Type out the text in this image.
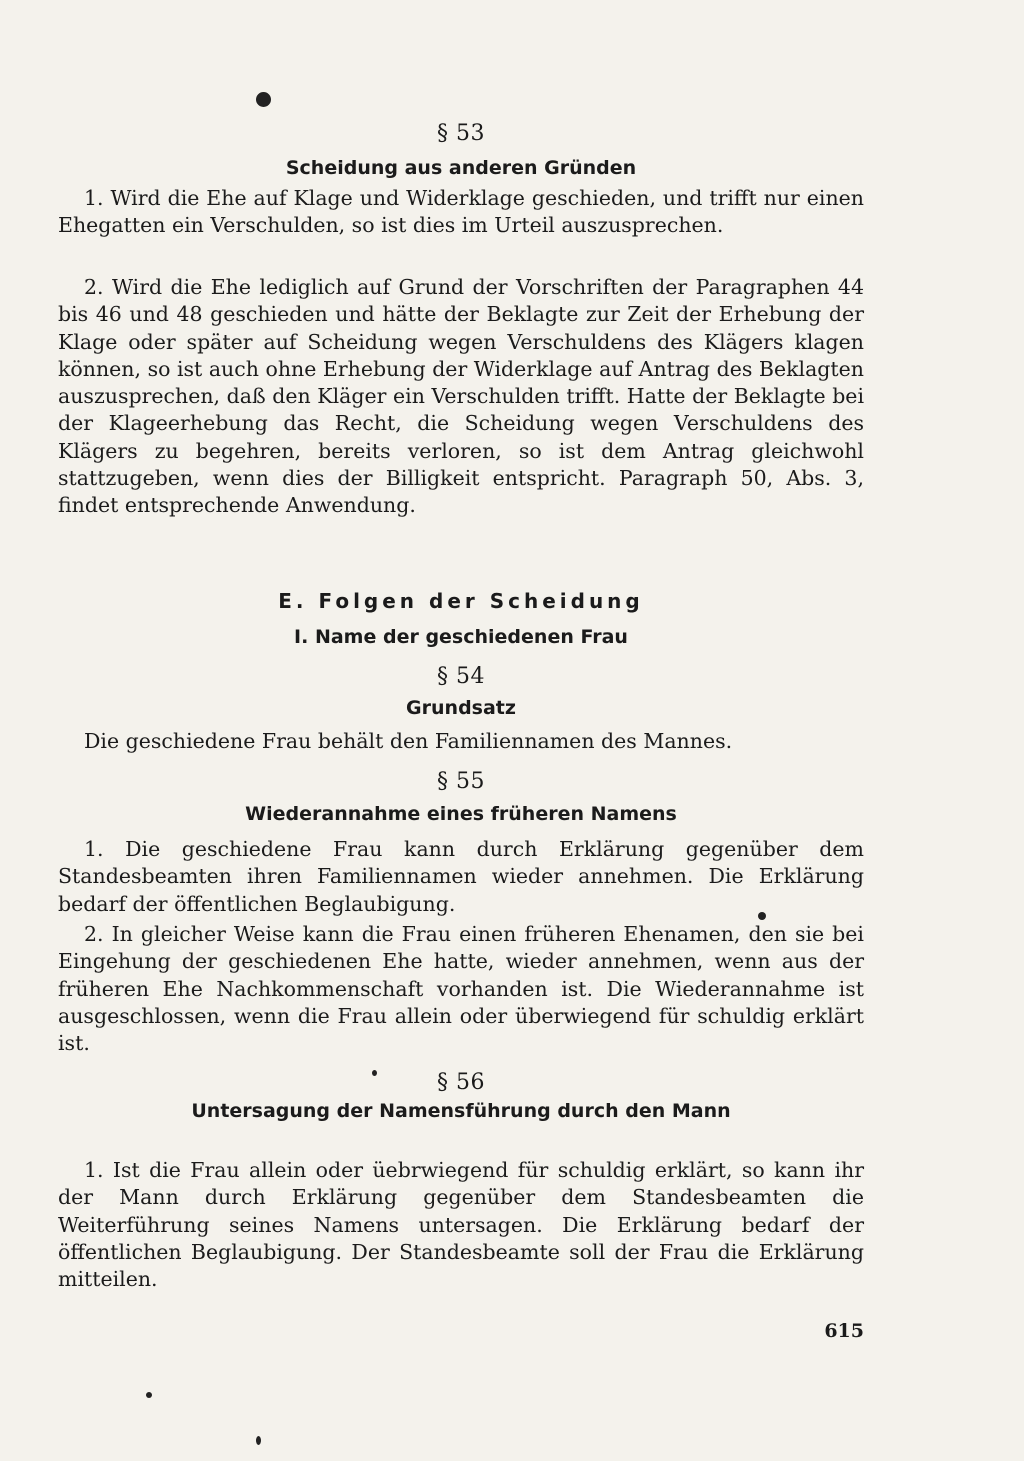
§ 53
Scheidung aus anderen Gründen

1. Wird die Ehe auf Klage und Widerklage geschieden, und trifft nur einen Ehegatten ein Verschulden, so ist dies im Urteil auszusprechen.

2. Wird die Ehe lediglich auf Grund der Vorschriften der Paragraphen 44 bis 46 und 48 geschieden und hätte der Beklagte zur Zeit der Erhebung der Klage oder später auf Scheidung wegen Verschuldens des Klägers klagen können, so ist auch ohne Erhebung der Widerklage auf Antrag des Beklagten auszusprechen, daß den Kläger ein Verschulden trifft. Hatte der Beklagte bei der Klageerhebung das Recht, die Scheidung wegen Verschuldens des Klägers zu begehren, bereits verloren, so ist dem Antrag gleichwohl stattzugeben, wenn dies der Billigkeit entspricht. Paragraph 50, Abs. 3, findet entsprechende Anwendung.

E. Folgen der Scheidung
I. Name der geschiedenen Frau
§ 54
Grundsatz

Die geschiedene Frau behält den Familiennamen des Mannes.

§ 55
Wiederannahme eines früheren Namens

1. Die geschiedene Frau kann durch Erklärung gegenüber dem Standesbeamten ihren Familiennamen wieder annehmen. Die Erklärung bedarf der öffentlichen Beglaubigung.

2. In gleicher Weise kann die Frau einen früheren Ehenamen, den sie bei Eingehung der geschiedenen Ehe hatte, wieder annehmen, wenn aus der früheren Ehe Nachkommenschaft vorhanden ist. Die Wiederannahme ist ausgeschlossen, wenn die Frau allein oder überwiegend für schuldig erklärt ist.

§ 56
Untersagung der Namensführung durch den Mann

1. Ist die Frau allein oder üebrwiegend für schuldig erklärt, so kann ihr der Mann durch Erklärung gegenüber dem Standesbeamten die Weiterführung seines Namens untersagen. Die Erklärung bedarf der öffentlichen Beglaubigung. Der Standesbeamte soll der Frau die Erklärung mitteilen.

615
